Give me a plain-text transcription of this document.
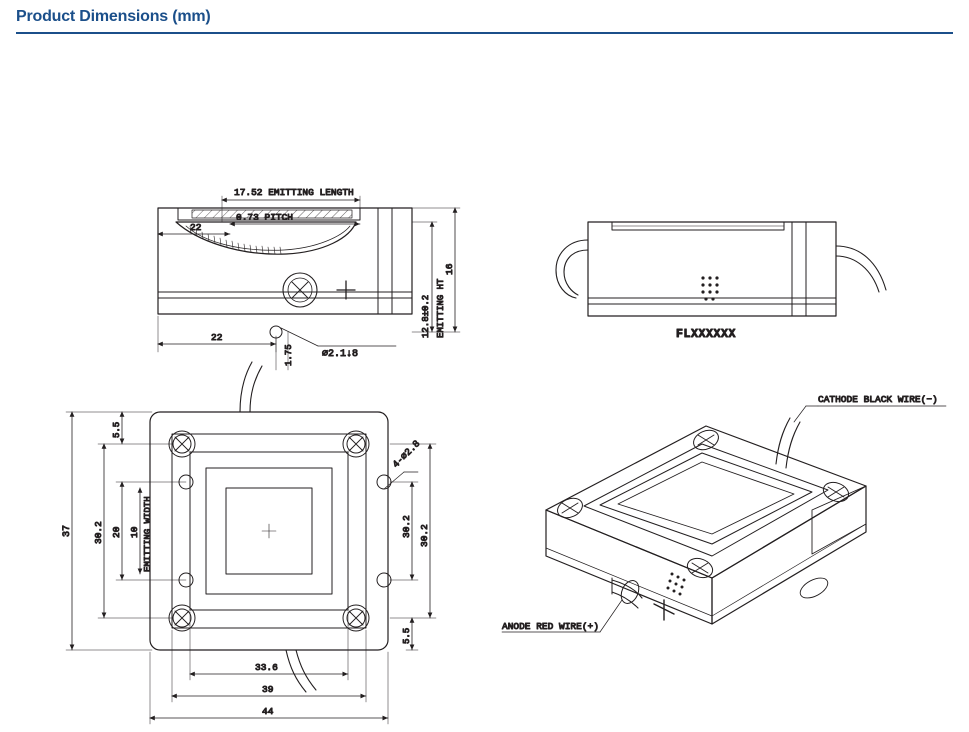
Product Dimensions (mm)
17.52 EMITTING LENGTH
0.73 PITCH
22
22
1.75	⌀2.1↓8
16
12.8±0.2 EMITTING HT	FLXXXXXX
37 30.2 20 10 EMITTING WIDTH
5.5
5.5
30.2 30.2
4-⌀2.8
33.6
39
44
CATHODE BLACK WIRE(−)
ANODE RED WIRE(+)
